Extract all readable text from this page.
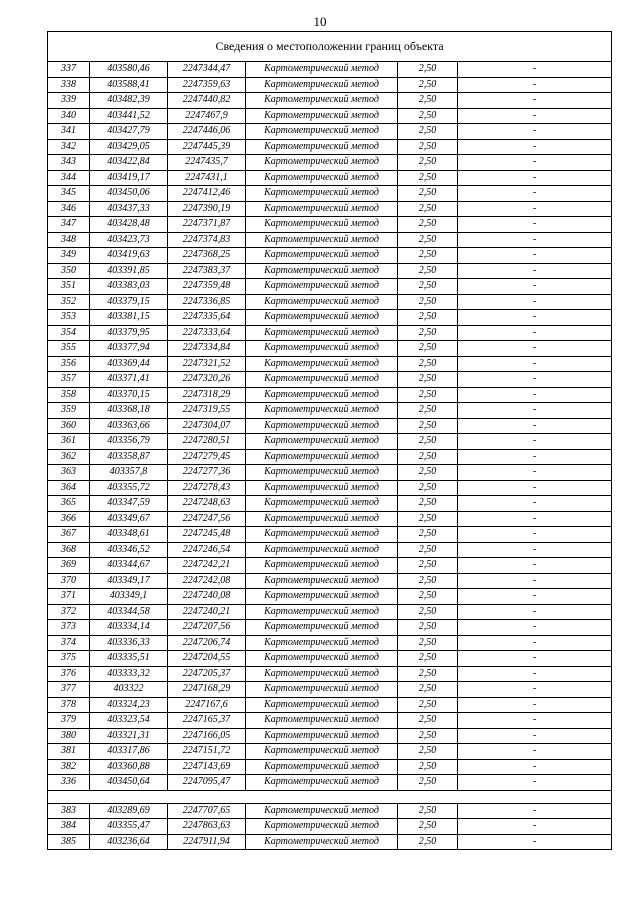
10
Сведения о местоположении границ объекта					
337	403580,46	2247344,47	Картометрический метод	2,50	-
338	403588,41	2247359,63	Картометрический метод	2,50	-
339	403482,39	2247440,82	Картометрический метод	2,50	-
340	403441,52	2247467,9	Картометрический метод	2,50	-
341	403427,79	2247446,06	Картометрический метод	2,50	-
342	403429,05	2247445,39	Картометрический метод	2,50	-
343	403422,84	2247435,7	Картометрический метод	2,50	-
344	403419,17	2247431,1	Картометрический метод	2,50	-
345	403450,06	2247412,46	Картометрический метод	2,50	-
346	403437,33	2247390,19	Картометрический метод	2,50	-
347	403428,48	2247371,87	Картометрический метод	2,50	-
348	403423,73	2247374,83	Картометрический метод	2,50	-
349	403419,63	2247368,25	Картометрический метод	2,50	-
350	403391,85	2247383,37	Картометрический метод	2,50	-
351	403383,03	2247359,48	Картометрический метод	2,50	-
352	403379,15	2247336,85	Картометрический метод	2,50	-
353	403381,15	2247335,64	Картометрический метод	2,50	-
354	403379,95	2247333,64	Картометрический метод	2,50	-
355	403377,94	2247334,84	Картометрический метод	2,50	-
356	403369,44	2247321,52	Картометрический метод	2,50	-
357	403371,41	2247320,26	Картометрический метод	2,50	-
358	403370,15	2247318,29	Картометрический метод	2,50	-
359	403368,18	2247319,55	Картометрический метод	2,50	-
360	403363,66	2247304,07	Картометрический метод	2,50	-
361	403356,79	2247280,51	Картометрический метод	2,50	-
362	403358,87	2247279,45	Картометрический метод	2,50	-
363	403357,8	2247277,36	Картометрический метод	2,50	-
364	403355,72	2247278,43	Картометрический метод	2,50	-
365	403347,59	2247248,63	Картометрический метод	2,50	-
366	403349,67	2247247,56	Картометрический метод	2,50	-
367	403348,61	2247245,48	Картометрический метод	2,50	-
368	403346,52	2247246,54	Картометрический метод	2,50	-
369	403344,67	2247242,21	Картометрический метод	2,50	-
370	403349,17	2247242,08	Картометрический метод	2,50	-
371	403349,1	2247240,08	Картометрический метод	2,50	-
372	403344,58	2247240,21	Картометрический метод	2,50	-
373	403334,14	2247207,56	Картометрический метод	2,50	-
374	403336,33	2247206,74	Картометрический метод	2,50	-
375	403335,51	2247204,55	Картометрический метод	2,50	-
376	403333,32	2247205,37	Картометрический метод	2,50	-
377	403322	2247168,29	Картометрический метод	2,50	-
378	403324,23	2247167,6	Картометрический метод	2,50	-
379	403323,54	2247165,37	Картометрический метод	2,50	-
380	403321,31	2247166,05	Картометрический метод	2,50	-
381	403317,86	2247151,72	Картометрический метод	2,50	-
382	403360,88	2247143,69	Картометрический метод	2,50	-
336	403450,64	2247095,47	Картометрический метод	2,50	-

383	403289,69	2247707,65	Картометрический метод	2,50	-
384	403355,47	2247863,63	Картометрический метод	2,50	-
385	403236,64	2247911,94	Картометрический метод	2,50	-
